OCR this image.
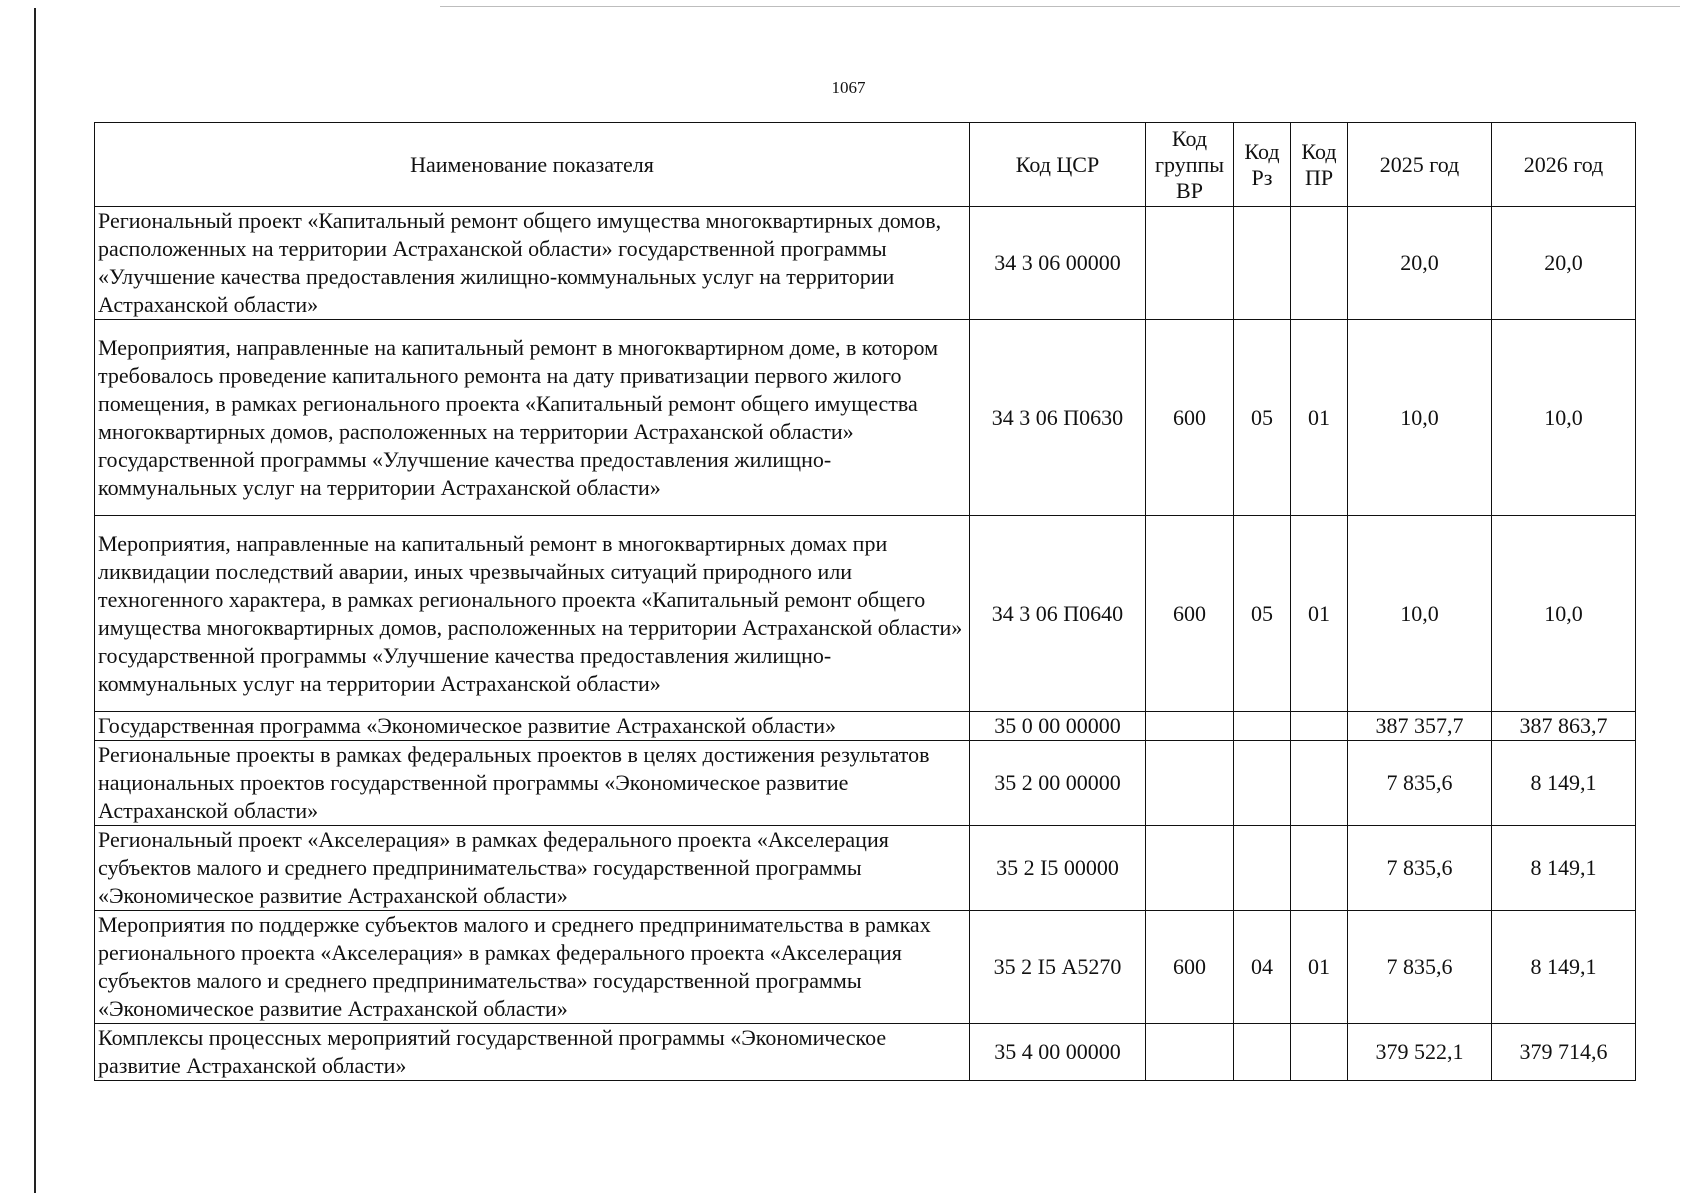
1067
Наименование показателя	Код ЦСР	Код группы ВР	Код Рз	Код ПР	2025 год	2026 год
Региональный проект «Капитальный ремонт общего имущества многоквартирных домов, расположенных на территории Астраханской области» государственной программы «Улучшение качества предоставления жилищно-коммунальных услуг на территории Астраханской области»	34 3 06 00000				20,0	20,0
Мероприятия, направленные на капитальный ремонт в многоквартирном доме, в котором требовалось проведение капитального ремонта на дату приватизации первого жилого помещения, в рамках регионального проекта «Капитальный ремонт общего имущества многоквартирных домов, расположенных на территории Астраханской области» государственной программы «Улучшение качества предоставления жилищно-коммунальных услуг на территории Астраханской области»	34 3 06 П0630	600	05	01	10,0	10,0
Мероприятия, направленные на капитальный ремонт в многоквартирных домах при ликвидации последствий аварии, иных чрезвычайных ситуаций природного или техногенного характера, в рамках регионального проекта «Капитальный ремонт общего имущества многоквартирных домов, расположенных на территории Астраханской области» государственной программы «Улучшение качества предоставления жилищно-коммунальных услуг на территории Астраханской области»	34 3 06 П0640	600	05	01	10,0	10,0
Государственная программа «Экономическое развитие Астраханской области»	35 0 00 00000				387 357,7	387 863,7
Региональные проекты в рамках федеральных проектов в целях достижения результатов национальных проектов государственной программы «Экономическое развитие Астраханской области»	35 2 00 00000				7 835,6	8 149,1
Региональный проект «Акселерация» в рамках федерального проекта «Акселерация субъектов малого и среднего предпринимательства» государственной программы «Экономическое развитие Астраханской области»	35 2 I5 00000				7 835,6	8 149,1
Мероприятия по поддержке субъектов малого и среднего предпринимательства в рамках регионального проекта «Акселерация» в рамках федерального проекта «Акселерация субъектов малого и среднего предпринимательства» государственной программы «Экономическое развитие Астраханской области»	35 2 I5 А5270	600	04	01	7 835,6	8 149,1
Комплексы процессных мероприятий государственной программы «Экономическое развитие Астраханской области»	35 4 00 00000				379 522,1	379 714,6
